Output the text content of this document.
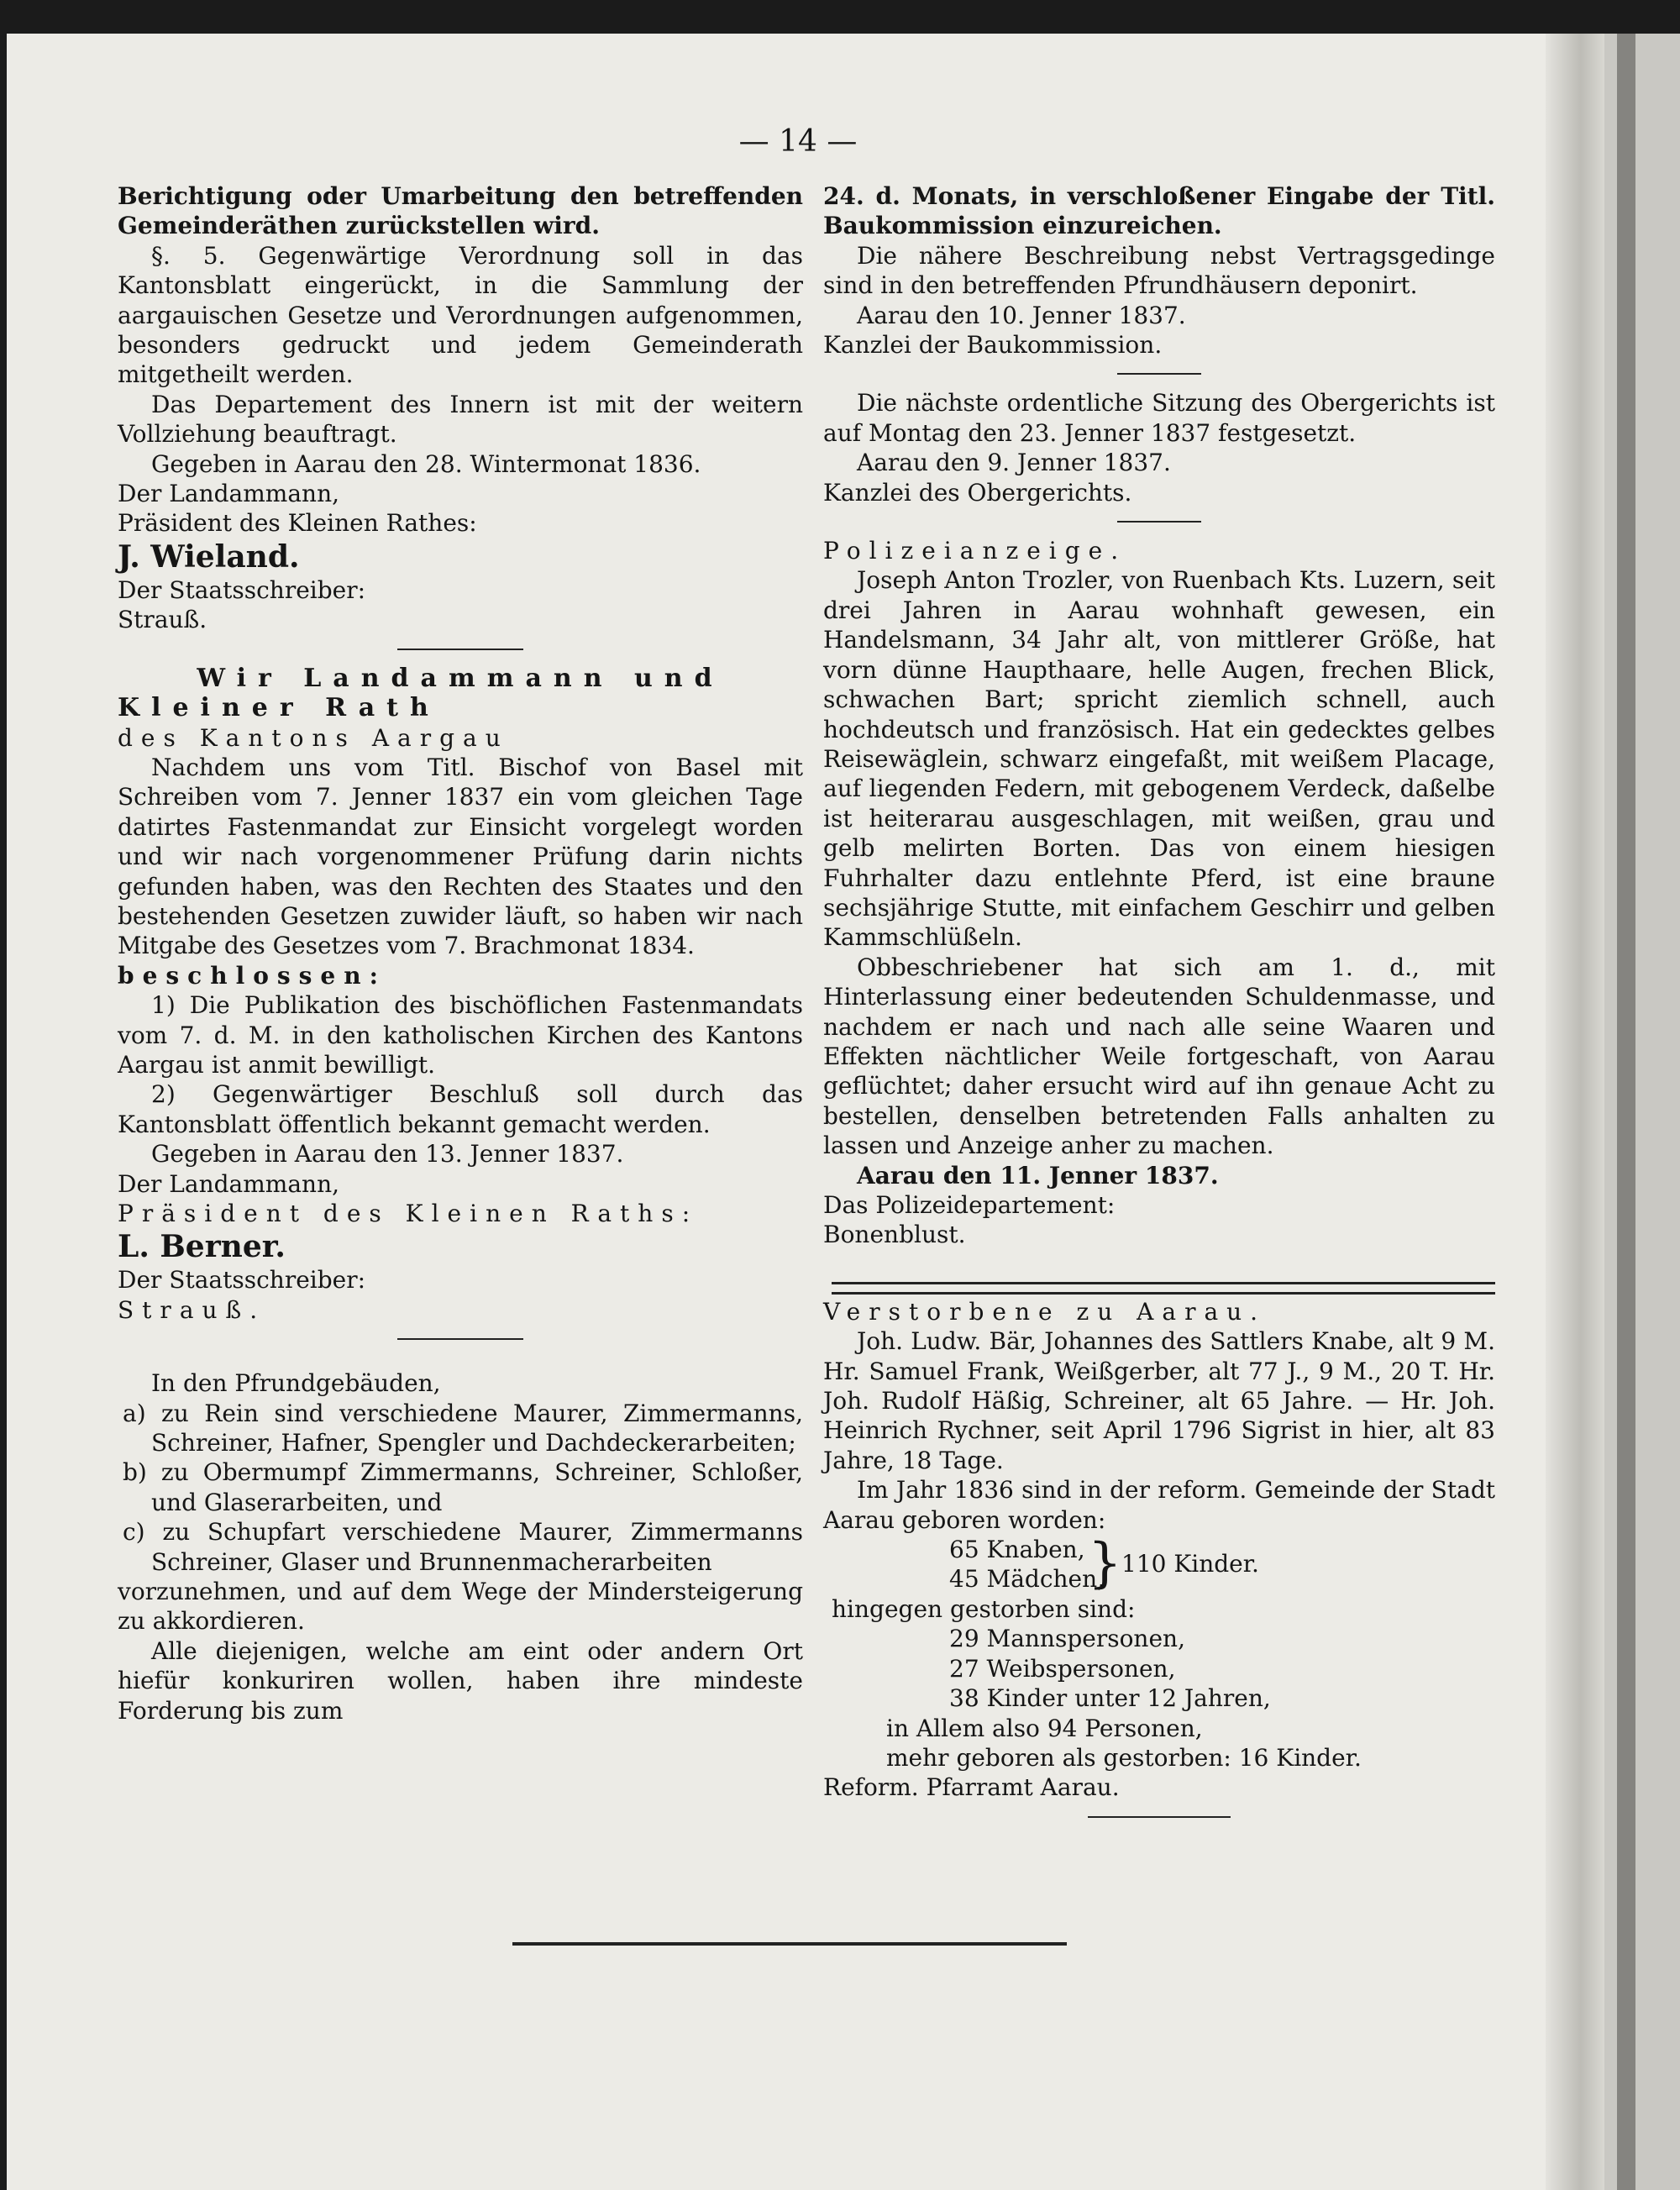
— 14 —

Berichtigung oder Umarbeitung den betreffenden Gemeinderäthen zurückstellen wird.

§. 5. Gegenwärtige Verordnung soll in das Kantonsblatt eingerückt, in die Sammlung der aargauischen Gesetze und Verordnungen aufgenommen, besonders gedruckt und jedem Gemeinderath mitgetheilt werden.

Das Departement des Innern ist mit der weitern Vollziehung beauftragt.

Gegeben in Aarau den 28. Wintermonat 1836.

Der Landammann,

Präsident des Kleinen Rathes:

J. Wieland.

Der Staatsschreiber:

Strauß.

Wir Landammann und Kleiner Rath

des Kantons Aargau

Nachdem uns vom Titl. Bischof von Basel mit Schreiben vom 7. Jenner 1837 ein vom gleichen Tage datirtes Fastenmandat zur Einsicht vorgelegt worden und wir nach vorgenommener Prüfung darin nichts gefunden haben, was den Rechten des Staates und den bestehenden Gesetzen zuwider läuft, so haben wir nach Mitgabe des Gesetzes vom 7. Brachmonat 1834.

beschlossen:

1) Die Publikation des bischöflichen Fastenmandats vom 7. d. M. in den katholischen Kirchen des Kantons Aargau ist anmit bewilligt.

2) Gegenwärtiger Beschluß soll durch das Kantonsblatt öffentlich bekannt gemacht werden.

Gegeben in Aarau den 13. Jenner 1837.

Der Landammann,

Präsident des Kleinen Raths:

L. Berner.

Der Staatsschreiber:

Strauß.

In den Pfrundgebäuden,

a) zu Rein sind verschiedene Maurer, Zimmermanns, Schreiner, Hafner, Spengler und Dachdeckerarbeiten;

b) zu Obermumpf Zimmermanns, Schreiner, Schloßer, und Glaserarbeiten, und

c) zu Schupfart verschiedene Maurer, Zimmermanns Schreiner, Glaser und Brunnenmacherarbeiten

vorzunehmen, und auf dem Wege der Mindersteigerung zu akkordieren.

Alle diejenigen, welche am eint oder andern Ort hiefür konkuriren wollen, haben ihre mindeste Forderung bis zum

24. d. Monats, in verschloßener Eingabe der Titl. Baukommission einzureichen.

Die nähere Beschreibung nebst Vertragsgedinge sind in den betreffenden Pfrundhäusern deponirt.

Aarau den 10. Jenner 1837.

Kanzlei der Baukommission.

Die nächste ordentliche Sitzung des Obergerichts ist auf Montag den 23. Jenner 1837 festgesetzt.

Aarau den 9. Jenner 1837.

Kanzlei des Obergerichts.

Polizeianzeige.

Joseph Anton Trozler, von Ruenbach Kts. Luzern, seit drei Jahren in Aarau wohnhaft gewesen, ein Handelsmann, 34 Jahr alt, von mittlerer Größe, hat vorn dünne Haupthaare, helle Augen, frechen Blick, schwachen Bart; spricht ziemlich schnell, auch hochdeutsch und französisch. Hat ein gedecktes gelbes Reisewäglein, schwarz eingefaßt, mit weißem Placage, auf liegenden Federn, mit gebogenem Verdeck, daßelbe ist heiterarau ausgeschlagen, mit weißen, grau und gelb melirten Borten. Das von einem hiesigen Fuhrhalter dazu entlehnte Pferd, ist eine braune sechsjährige Stutte, mit einfachem Geschirr und gelben Kammschlüßeln.

Obbeschriebener hat sich am 1. d., mit Hinterlassung einer bedeutenden Schuldenmasse, und nachdem er nach und nach alle seine Waaren und Effekten nächtlicher Weile fortgeschaft, von Aarau geflüchtet; daher ersucht wird auf ihn genaue Acht zu bestellen, denselben betretenden Falls anhalten zu lassen und Anzeige anher zu machen.

Aarau den 11. Jenner 1837.

Das Polizeidepartement:

Bonenblust.

Verstorbene zu Aarau.

Joh. Ludw. Bär, Johannes des Sattlers Knabe, alt 9 M. Hr. Samuel Frank, Weißgerber, alt 77 J., 9 M., 20 T. Hr. Joh. Rudolf Häßig, Schreiner, alt 65 Jahre. — Hr. Joh. Heinrich Rychner, seit April 1796 Sigrist in hier, alt 83 Jahre, 18 Tage.

Im Jahr 1836 sind in der reform. Gemeinde der Stadt Aarau geboren worden:

65 Knaben,

45 Mädchen,

} 110 Kinder.

hingegen gestorben sind:

29 Mannspersonen,

27 Weibspersonen,

38 Kinder unter 12 Jahren,

in Allem also 94 Personen,

mehr geboren als gestorben: 16 Kinder.

Reform. Pfarramt Aarau.
